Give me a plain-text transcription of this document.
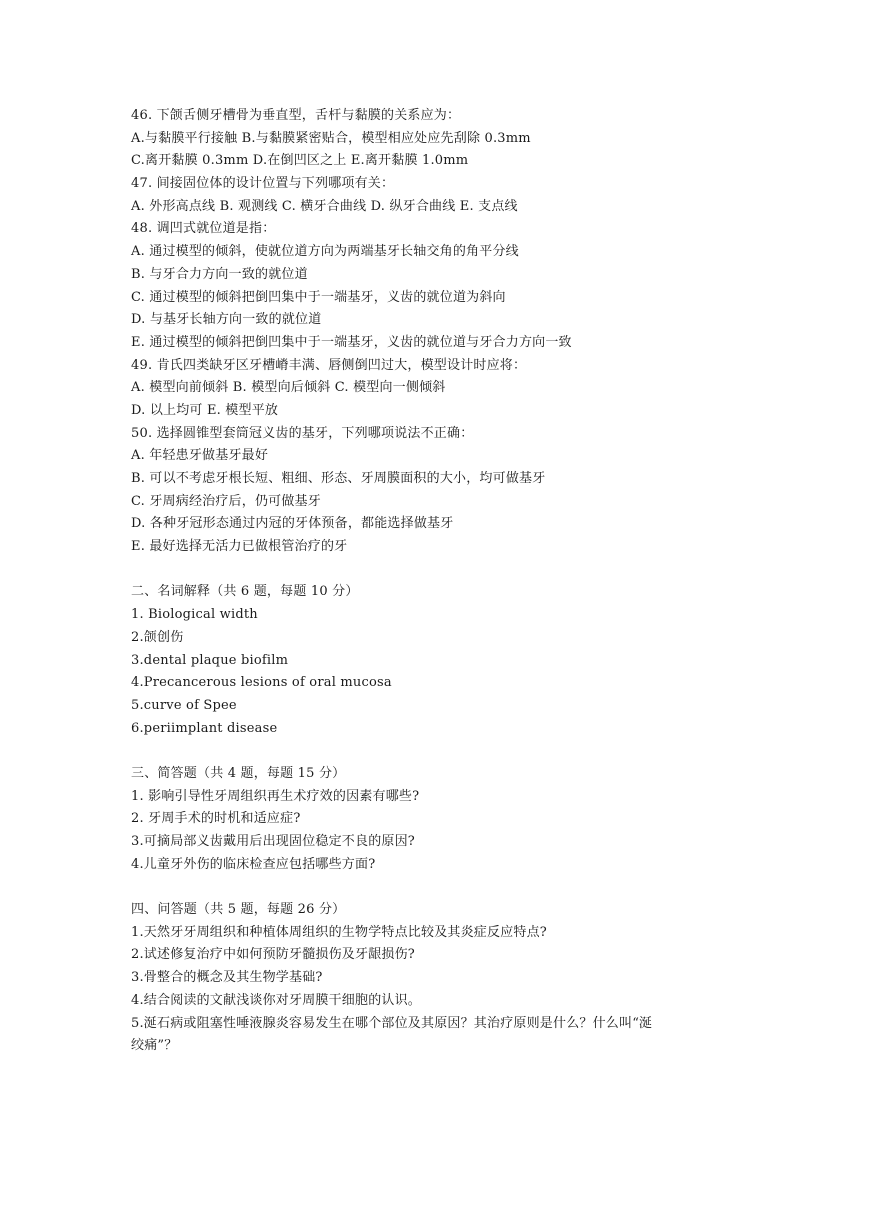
46. 下颌舌侧牙槽骨为垂直型，舌杆与黏膜的关系应为：
A.与黏膜平行接触 B.与黏膜紧密贴合，模型相应处应先刮除 0.3mm
C.离开黏膜 0.3mm D.在倒凹区之上 E.离开黏膜 1.0mm
47. 间接固位体的设计位置与下列哪项有关：
A. 外形高点线 B. 观测线 C. 横牙合曲线 D. 纵牙合曲线 E. 支点线
48. 调凹式就位道是指：
A. 通过模型的倾斜，使就位道方向为两端基牙长轴交角的角平分线
B. 与牙合力方向一致的就位道
C. 通过模型的倾斜把倒凹集中于一端基牙，义齿的就位道为斜向
D. 与基牙长轴方向一致的就位道
E. 通过模型的倾斜把倒凹集中于一端基牙，义齿的就位道与牙合力方向一致
49. 肯氏四类缺牙区牙槽嵴丰满、唇侧倒凹过大，模型设计时应将：
A. 模型向前倾斜 B. 模型向后倾斜 C. 模型向一侧倾斜
D. 以上均可 E. 模型平放
50. 选择圆锥型套筒冠义齿的基牙，下列哪项说法不正确：
A. 年轻患牙做基牙最好
B. 可以不考虑牙根长短、粗细、形态、牙周膜面积的大小，均可做基牙
C. 牙周病经治疗后，仍可做基牙
D. 各种牙冠形态通过内冠的牙体预备，都能选择做基牙
E. 最好选择无活力已做根管治疗的牙
二、名词解释（共 6 题，每题 10 分）
1. Biological width
2.颌创伤
3.dental plaque biofilm
4.Precancerous lesions of oral mucosa
5.curve of Spee
6.periimplant disease
三、简答题（共 4 题，每题 15 分）
1. 影响引导性牙周组织再生术疗效的因素有哪些?
2. 牙周手术的时机和适应症?
3.可摘局部义齿戴用后出现固位稳定不良的原因?
4.儿童牙外伤的临床检查应包括哪些方面?
四、问答题（共 5 题，每题 26 分）
1.天然牙牙周组织和种植体周组织的生物学特点比较及其炎症反应特点?
2.试述修复治疗中如何预防牙髓损伤及牙龈损伤?
3.骨整合的概念及其生物学基础?
4.结合阅读的文献浅谈你对牙周膜干细胞的认识。
5.涎石病或阻塞性唾液腺炎容易发生在哪个部位及其原因？其治疗原则是什么？什么叫“涎
绞痛”？
